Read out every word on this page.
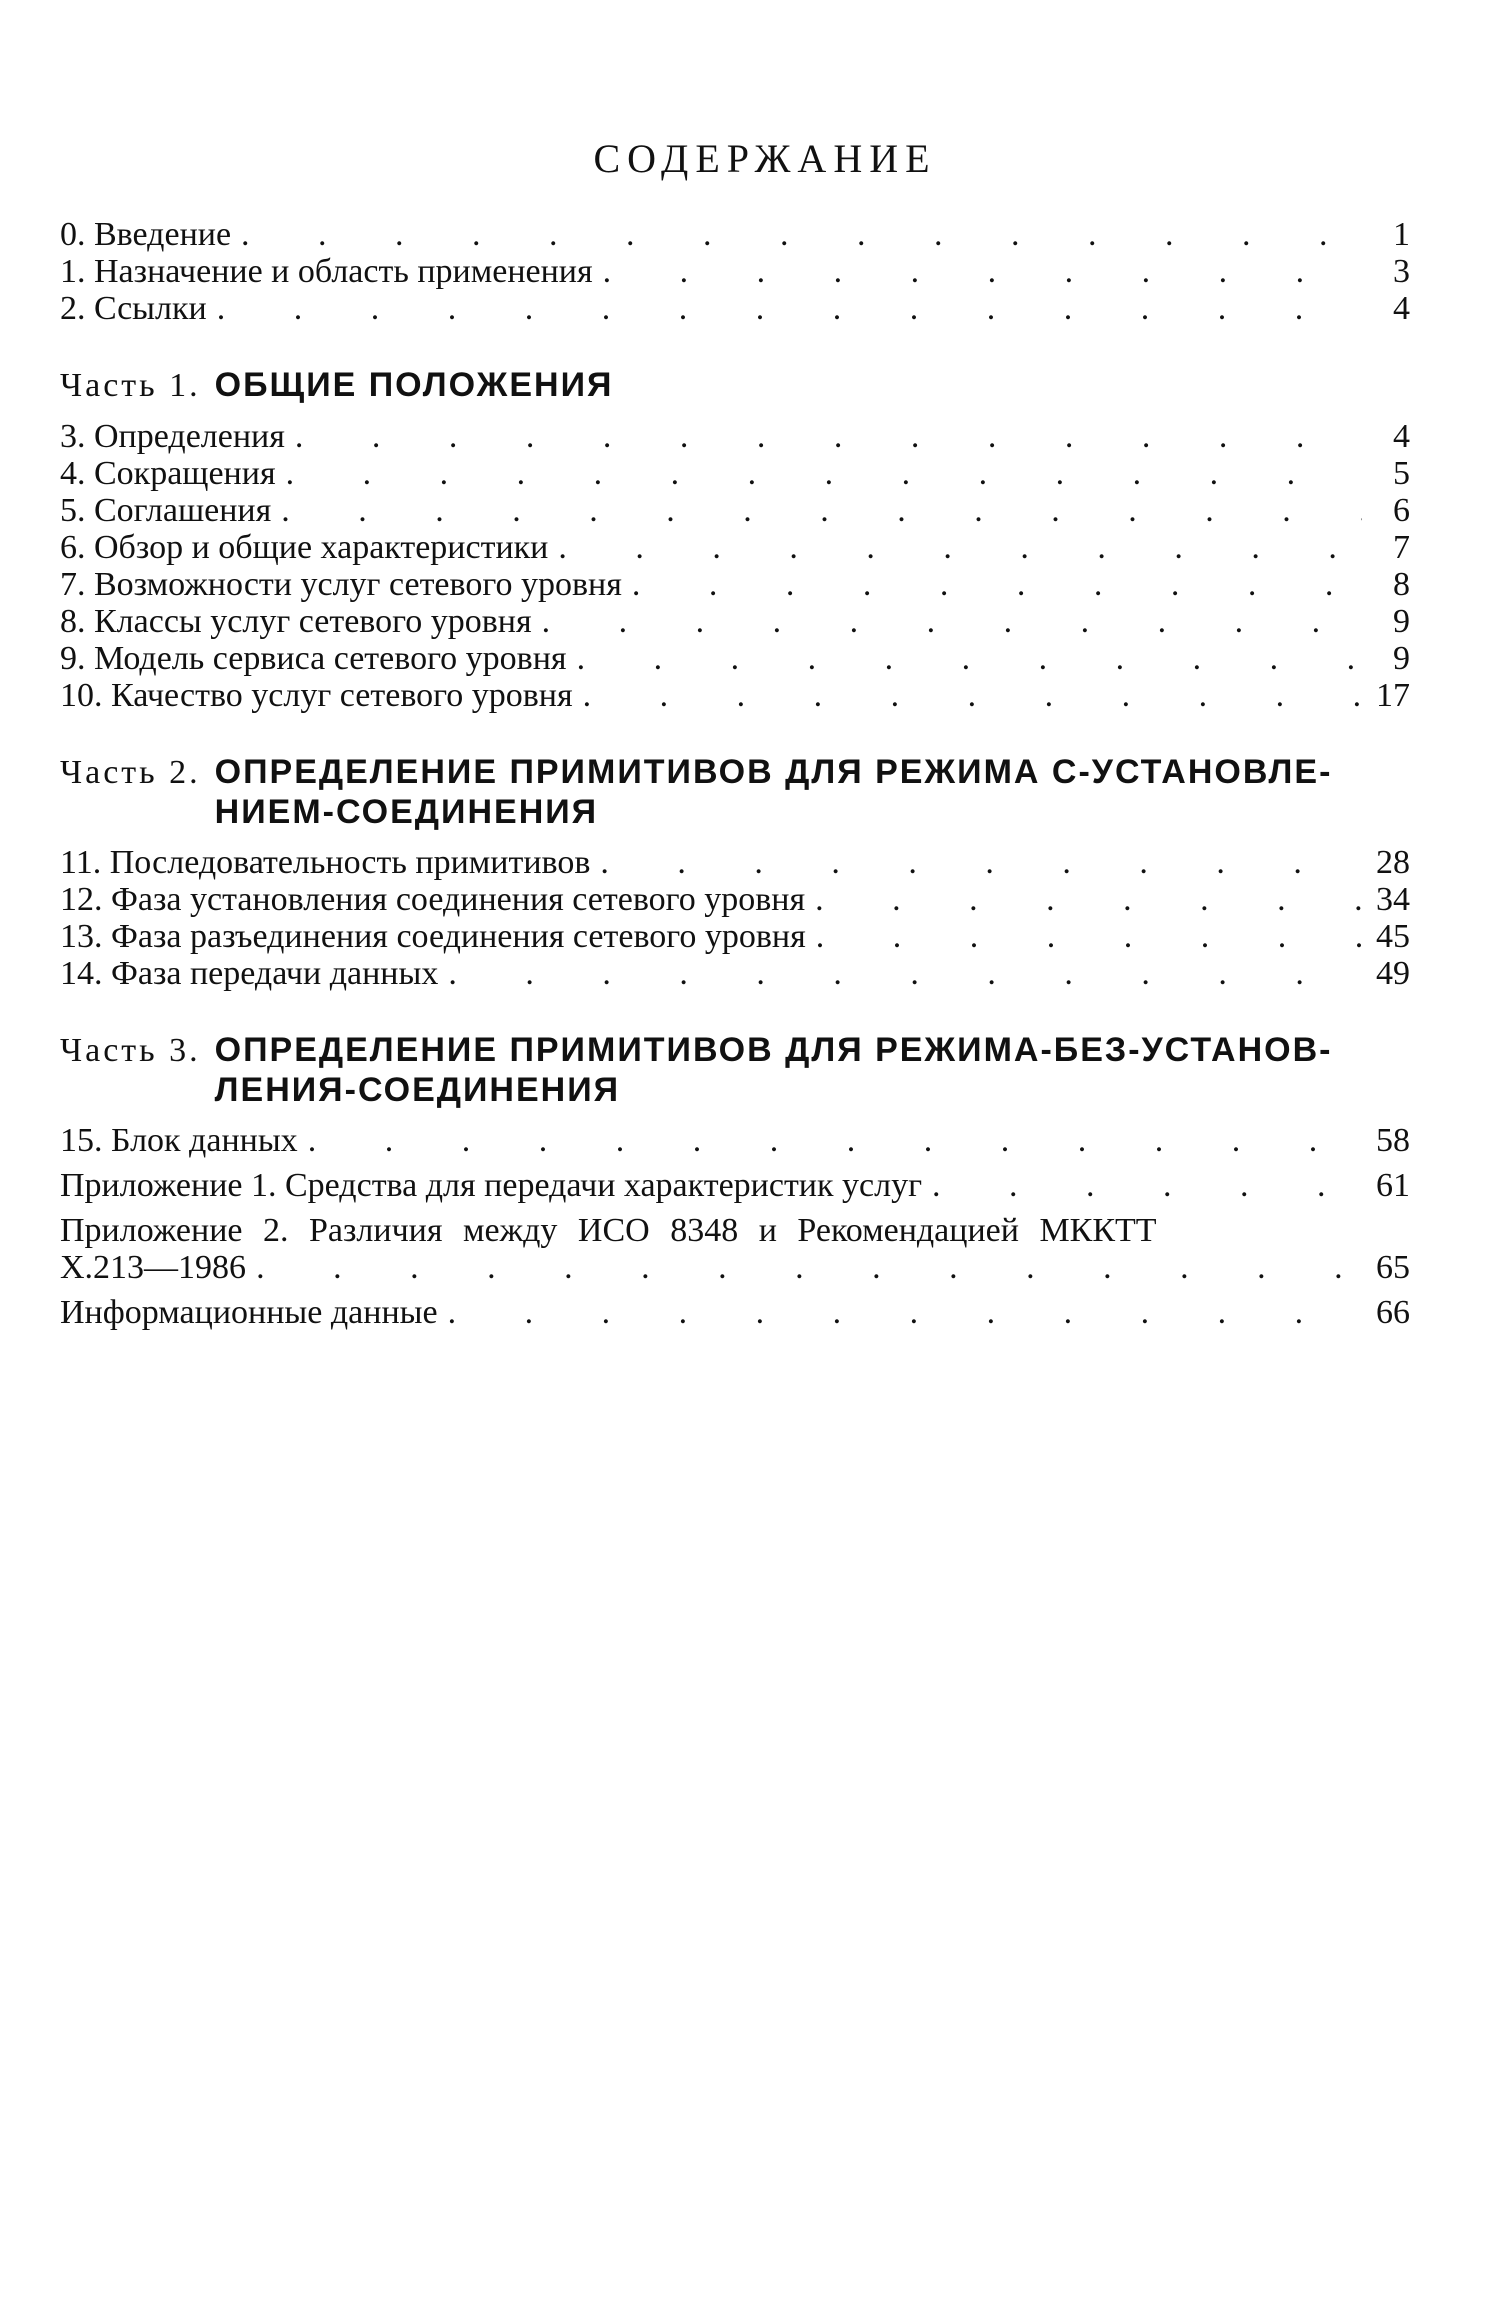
СОДЕРЖАНИЕ
0. Введение . . .	1
1. Назначение и область применения . . .	3
2. Ссылки . . .	4
Часть 1. ОБЩИЕ ПОЛОЖЕНИЯ
3. Определения . . .	4
4. Сокращения . . .	5
5. Соглашения . . .	6
6. Обзор и общие характеристики . . .	7
7. Возможности услуг сетевого уровня . . .	8
8. Классы услуг сетевого уровня . . .	9
9. Модель сервиса сетевого уровня . . .	9
10. Качество услуг сетевого уровня . . .	17
Часть 2. ОПРЕДЕЛЕНИЕ ПРИМИТИВОВ ДЛЯ РЕЖИМА С-УСТАНОВЛЕ-
НИЕМ-СОЕДИНЕНИЯ
11. Последовательность примитивов . . .	28
12. Фаза установления соединения сетевого уровня . . .	34
13. Фаза разъединения соединения сетевого уровня . . .	45
14. Фаза передачи данных . . .	49
Часть 3. ОПРЕДЕЛЕНИЕ ПРИМИТИВОВ ДЛЯ РЕЖИМА-БЕЗ-УСТАНОВ-
ЛЕНИЯ-СОЕДИНЕНИЯ
15. Блок данных . . .	58
Приложение 1. Средства для передачи характеристик услуг . . .	61
Приложение 2. Различия между ИСО 8348 и Рекомендацией МККТТ
X.213—1986 . . .	65
Информационные данные . . .	66
